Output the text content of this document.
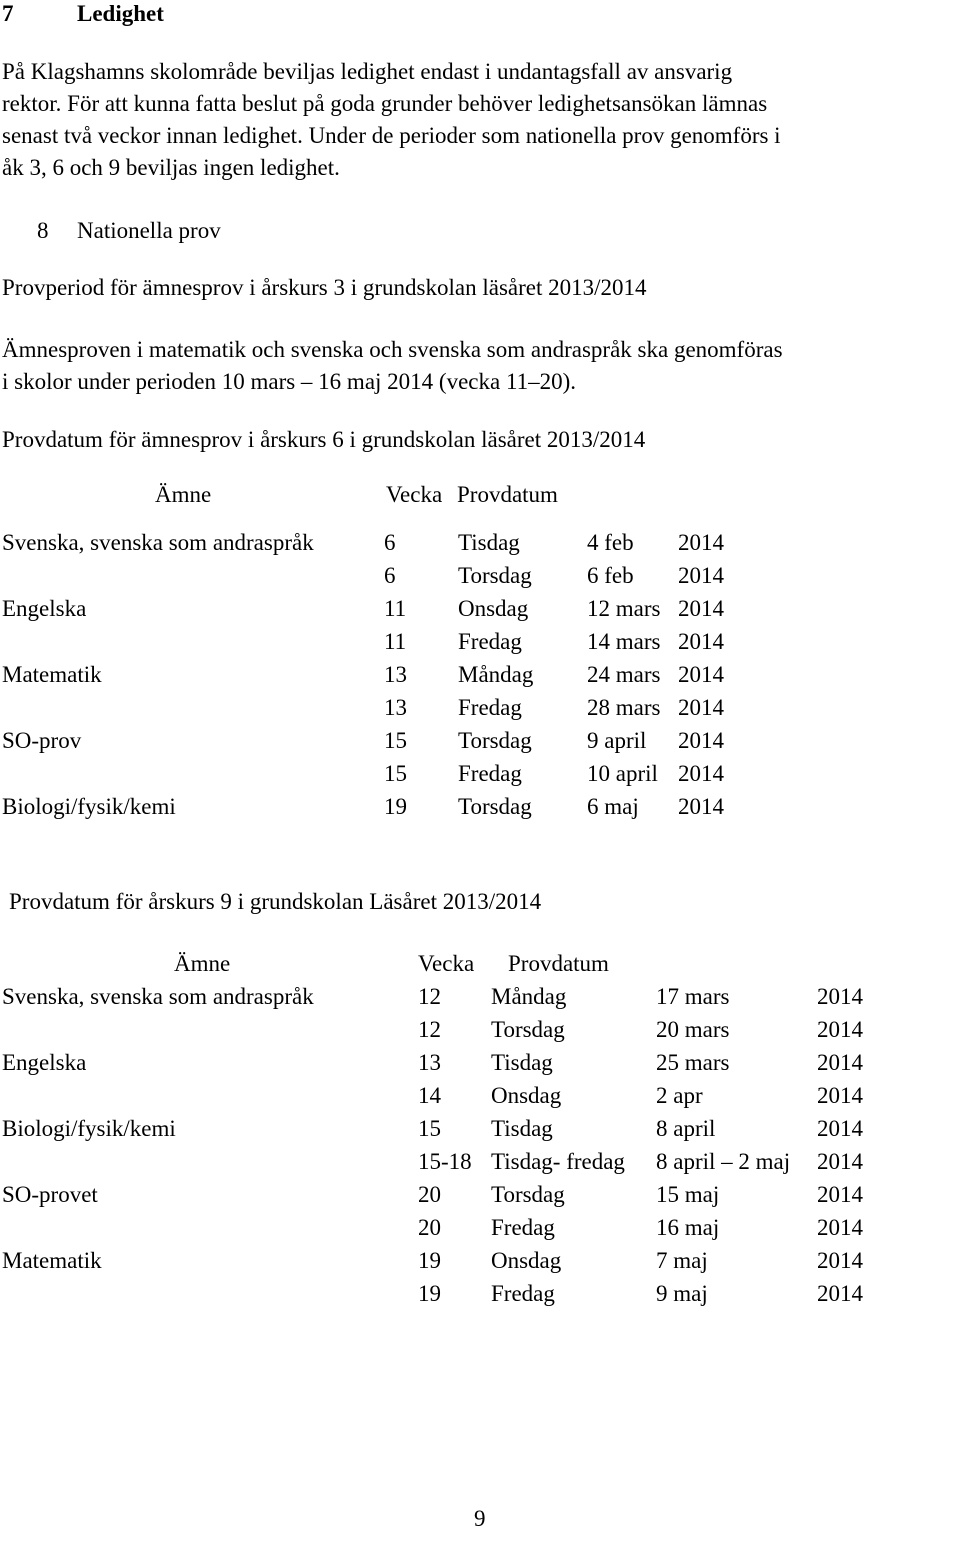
7	Ledighet
På Klagshamns skolområde beviljas ledighet endast i undantagsfall av ansvarig
rektor. För att kunna fatta beslut på goda grunder behöver ledighetsansökan lämnas
senast två veckor innan ledighet. Under de perioder som nationella prov genomförs i
åk 3, 6 och 9 beviljas ingen ledighet.
8 Nationella prov
Provperiod för ämnesprov i årskurs 3 i grundskolan läsåret 2013/2014
Ämnesproven i matematik och svenska och svenska som andraspråk ska genomföras
i skolor under perioden 10 mars – 16 maj 2014 (vecka 11–20).
Provdatum för ämnesprov i årskurs 6 i grundskolan läsåret 2013/2014
Ämne	Vecka Provdatum
Svenska, svenska som andraspråk	6	Tisdag	4 feb 2014
6	Torsdag 6 feb 2014
Engelska	11 Onsdag	12 mars 2014
11 Fredag	14 mars 2014
Matematik	13 Måndag 24 mars 2014
13 Fredag	28 mars 2014
SO-prov	15 Torsdag 9 april 2014
15 Fredag	10 april 2014
Biologi/fysik/kemi	19 Torsdag 6 maj 2014
Provdatum för årskurs 9 i grundskolan Läsåret 2013/2014
Ämne	Vecka Provdatum
Svenska, svenska som andraspråk	12 Måndag	17 mars	2014
12 Torsdag	20 mars	2014
Engelska	13 Tisdag	25 mars	2014
14 Onsdag	2 apr	2014
Biologi/fysik/kemi	15 Tisdag	8 april	2014
15-18 Tisdag- fredag 8 april – 2 maj 2014
SO-provet	20 Torsdag	15 maj	2014
20 Fredag	16 maj	2014
Matematik	19 Onsdag	7 maj	2014
19 Fredag	9 maj	2014
9
